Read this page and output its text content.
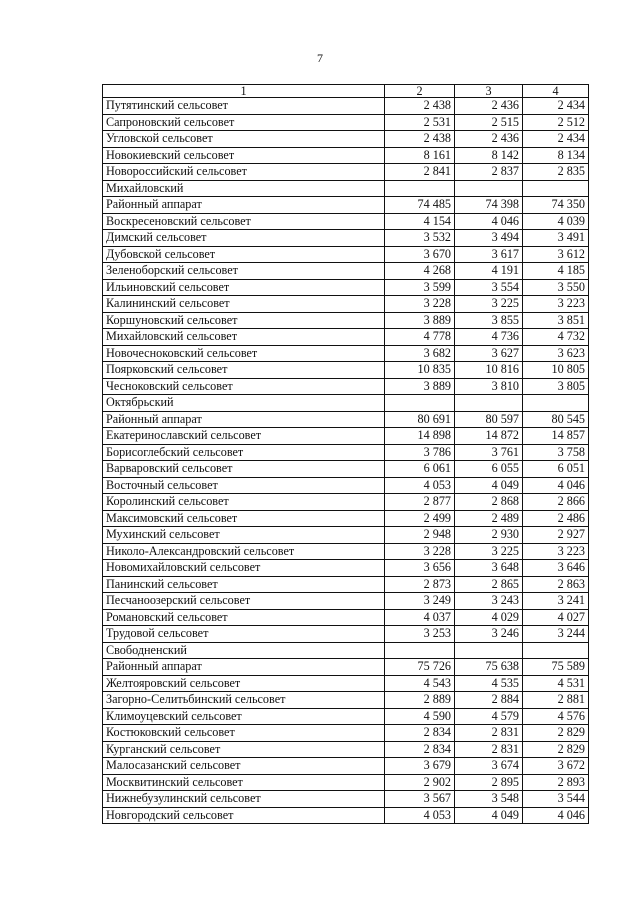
7
1	2	3	4
Путятинский сельсовет	2 438	2 436	2 434
Сапроновский сельсовет	2 531	2 515	2 512
Угловской сельсовет	2 438	2 436	2 434
Новокиевский сельсовет	8 161	8 142	8 134
Новороссийский сельсовет	2 841	2 837	2 835
Михайловский			
Районный аппарат	74 485	74 398	74 350
Воскресеновский сельсовет	4 154	4 046	4 039
Димский сельсовет	3 532	3 494	3 491
Дубовской сельсовет	3 670	3 617	3 612
Зеленоборский сельсовет	4 268	4 191	4 185
Ильиновский сельсовет	3 599	3 554	3 550
Калининский сельсовет	3 228	3 225	3 223
Коршуновский сельсовет	3 889	3 855	3 851
Михайловский сельсовет	4 778	4 736	4 732
Новочесноковский сельсовет	3 682	3 627	3 623
Поярковский сельсовет	10 835	10 816	10 805
Чесноковский сельсовет	3 889	3 810	3 805
Октябрьский			
Районный аппарат	80 691	80 597	80 545
Екатеринославский сельсовет	14 898	14 872	14 857
Борисоглебский сельсовет	3 786	3 761	3 758
Варваровский сельсовет	6 061	6 055	6 051
Восточный сельсовет	4 053	4 049	4 046
Королинский сельсовет	2 877	2 868	2 866
Максимовский сельсовет	2 499	2 489	2 486
Мухинский сельсовет	2 948	2 930	2 927
Николо-Александровский сельсовет	3 228	3 225	3 223
Новомихайловский сельсовет	3 656	3 648	3 646
Панинский сельсовет	2 873	2 865	2 863
Песчаноозерский сельсовет	3 249	3 243	3 241
Романовский сельсовет	4 037	4 029	4 027
Трудовой сельсовет	3 253	3 246	3 244
Свободненский			
Районный аппарат	75 726	75 638	75 589
Желтояровский сельсовет	4 543	4 535	4 531
Загорно-Селитьбинский сельсовет	2 889	2 884	2 881
Климоуцевский сельсовет	4 590	4 579	4 576
Костюковский сельсовет	2 834	2 831	2 829
Курганский сельсовет	2 834	2 831	2 829
Малосазанский сельсовет	3 679	3 674	3 672
Москвитинский сельсовет	2 902	2 895	2 893
Нижнебузулинский сельсовет	3 567	3 548	3 544
Новгородский сельсовет	4 053	4 049	4 046
